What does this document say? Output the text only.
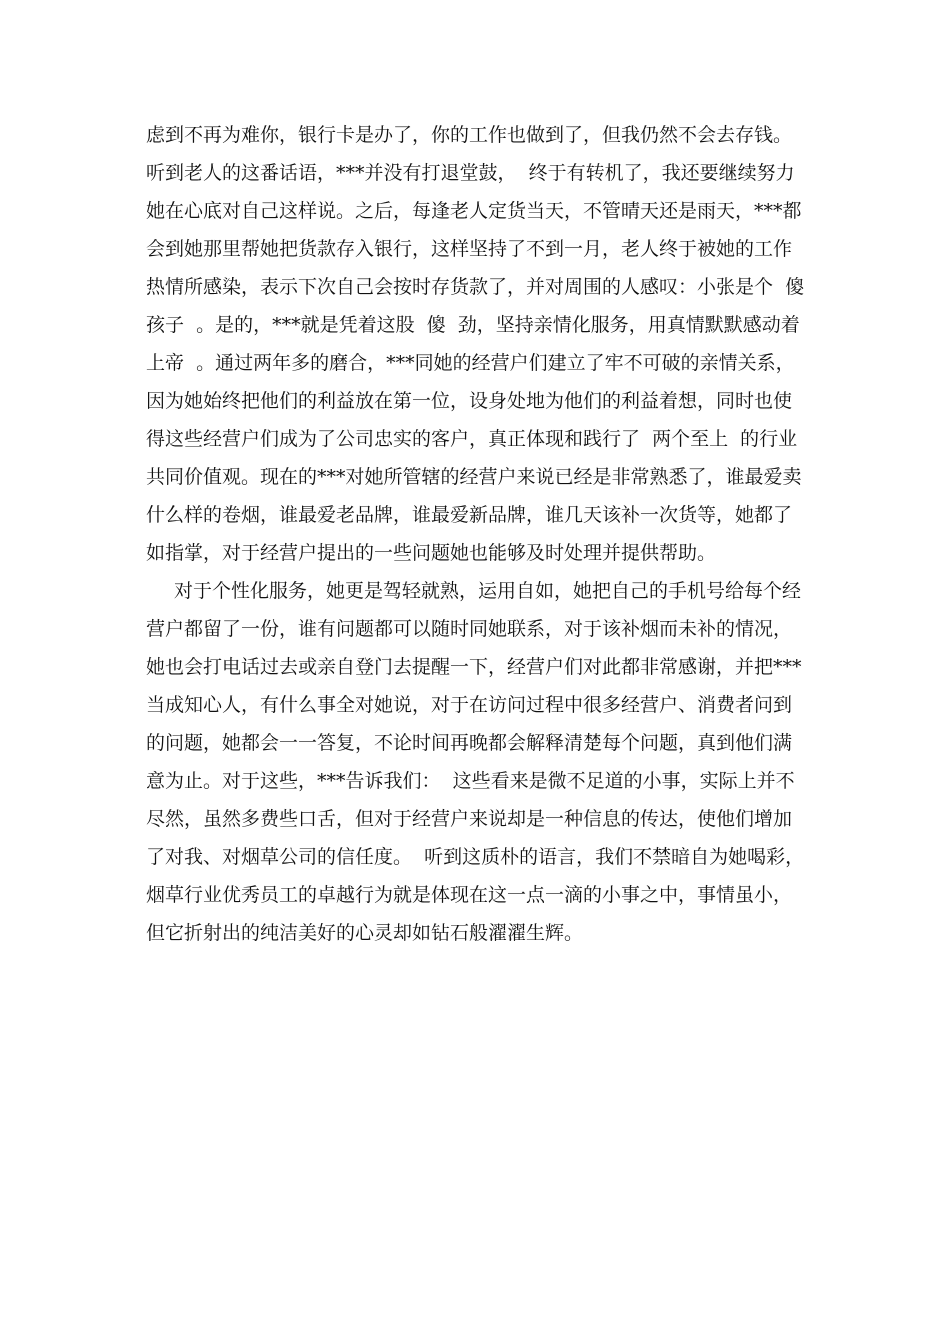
虑到不再为难你，银行卡是办了，你的工作也做到了，但我仍然不会去存钱。
听到老人的这番话语，***并没有打退堂鼓，  终于有转机了，我还要继续努力
她在心底对自己这样说。之后，每逢老人定货当天，不管晴天还是雨天，***都
会到她那里帮她把货款存入银行，这样坚持了不到一月，老人终于被她的工作
热情所感染，表示下次自己会按时存货款了，并对周围的人感叹：小张是个  傻
孩子  。是的，***就是凭着这股  傻  劲，坚持亲情化服务，用真情默默感动着
上帝  。通过两年多的磨合，***同她的经营户们建立了牢不可破的亲情关系，
因为她始终把他们的利益放在第一位，设身处地为他们的利益着想，同时也使
得这些经营户们成为了公司忠实的客户，真正体现和践行了  两个至上  的行业
共同价值观。现在的***对她所管辖的经营户来说已经是非常熟悉了，谁最爱卖
什么样的卷烟，谁最爱老品牌，谁最爱新品牌，谁几天该补一次货等，她都了
如指掌，对于经营户提出的一些问题她也能够及时处理并提供帮助。
对于个性化服务，她更是驾轻就熟，运用自如，她把自己的手机号给每个经
营户都留了一份，谁有问题都可以随时同她联系，对于该补烟而未补的情况，
她也会打电话过去或亲自登门去提醒一下，经营户们对此都非常感谢，并把***
当成知心人，有什么事全对她说，对于在访问过程中很多经营户、消费者问到
的问题，她都会一一答复，不论时间再晚都会解释清楚每个问题，真到他们满
意为止。对于这些，***告诉我们：  这些看来是微不足道的小事，实际上并不
尽然，虽然多费些口舌，但对于经营户来说却是一种信息的传达，使他们增加
了对我、对烟草公司的信任度。  听到这质朴的语言，我们不禁暗自为她喝彩，
烟草行业优秀员工的卓越行为就是体现在这一点一滴的小事之中，事情虽小，
但它折射出的纯洁美好的心灵却如钻石般濯濯生辉。
